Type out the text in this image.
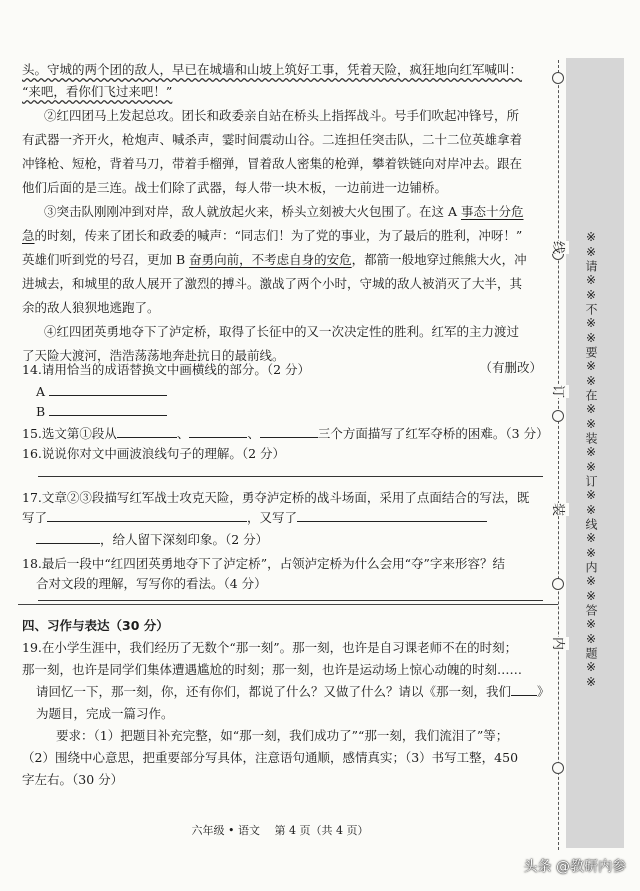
头。守城的两个团的敌人，早已在城墙和山坡上筑好工事，凭着天险，疯狂地向红军喊叫：
“来吧，看你们飞过来吧！”
②红四团马上发起总攻。团长和政委亲自站在桥头上指挥战斗。号手们吹起冲锋号，所
有武器一齐开火，枪炮声、喊杀声，霎时间震动山谷。二连担任突击队，二十二位英雄拿着
冲锋枪、短枪，背着马刀，带着手榴弹，冒着敌人密集的枪弹，攀着铁链向对岸冲去。跟在
他们后面的是三连。战士们除了武器，每人带一块木板，一边前进一边铺桥。
③突击队刚刚冲到对岸，敌人就放起火来，桥头立刻被大火包围了。在这 A 事态十分危
急的时刻，传来了团长和政委的喊声：“同志们！为了党的事业，为了最后的胜利，冲呀！”
英雄们听到党的号召，更加 B 奋勇向前，不考虑自身的安危，都箭一般地穿过熊熊大火，冲
进城去，和城里的敌人展开了激烈的搏斗。激战了两个小时，守城的敌人被消灭了大半，其
余的敌人狼狈地逃跑了。
④红四团英勇地夺下了泸定桥，取得了长征中的又一次决定性的胜利。红军的主力渡过
了天险大渡河，浩浩荡荡地奔赴抗日的最前线。
（有删改）
14.请用恰当的成语替换文中画横线的部分。（2 分）
A
B
15.选文第①段从	、	、	三个方面描写了红军夺桥的困难。（3 分）
16.说说你对文中画波浪线句子的理解。（2 分）
17.文章②③段描写红军战士攻克天险，勇夺泸定桥的战斗场面，采用了点面结合的写法，既
写了	，又写了
，给人留下深刻印象。（2 分）
18.最后一段中“红四团英勇地夺下了泸定桥”，占领泸定桥为什么会用“夺”字来形容？结
合对文段的理解，写写你的看法。（4 分）
四、习作与表达（30 分）
19.在小学生涯中，我们经历了无数个“那一刻”。那一刻，也许是自习课老师不在的时刻；
那一刻，也许是同学们集体遭遇尴尬的时刻；那一刻，也许是运动场上惊心动魄的时刻……
请回忆一下，那一刻，你，还有你们，都说了什么？又做了什么？请以《那一刻，我们 》
为题目，完成一篇习作。
要求：（1）把题目补充完整，如“那一刻，我们成功了”“那一刻，我们流泪了”等；
（2）围绕中心意思，把重要部分写具体，注意语句通顺，感情真实；（3）书写工整，450
字左右。（30 分）
六年级 • 语文　 第 4 页（共 4 页）
线
订
装
内	※※请※※不※※要※※在※※装※※订※※线※※内※※答※※题※※
头条 @教研内参
